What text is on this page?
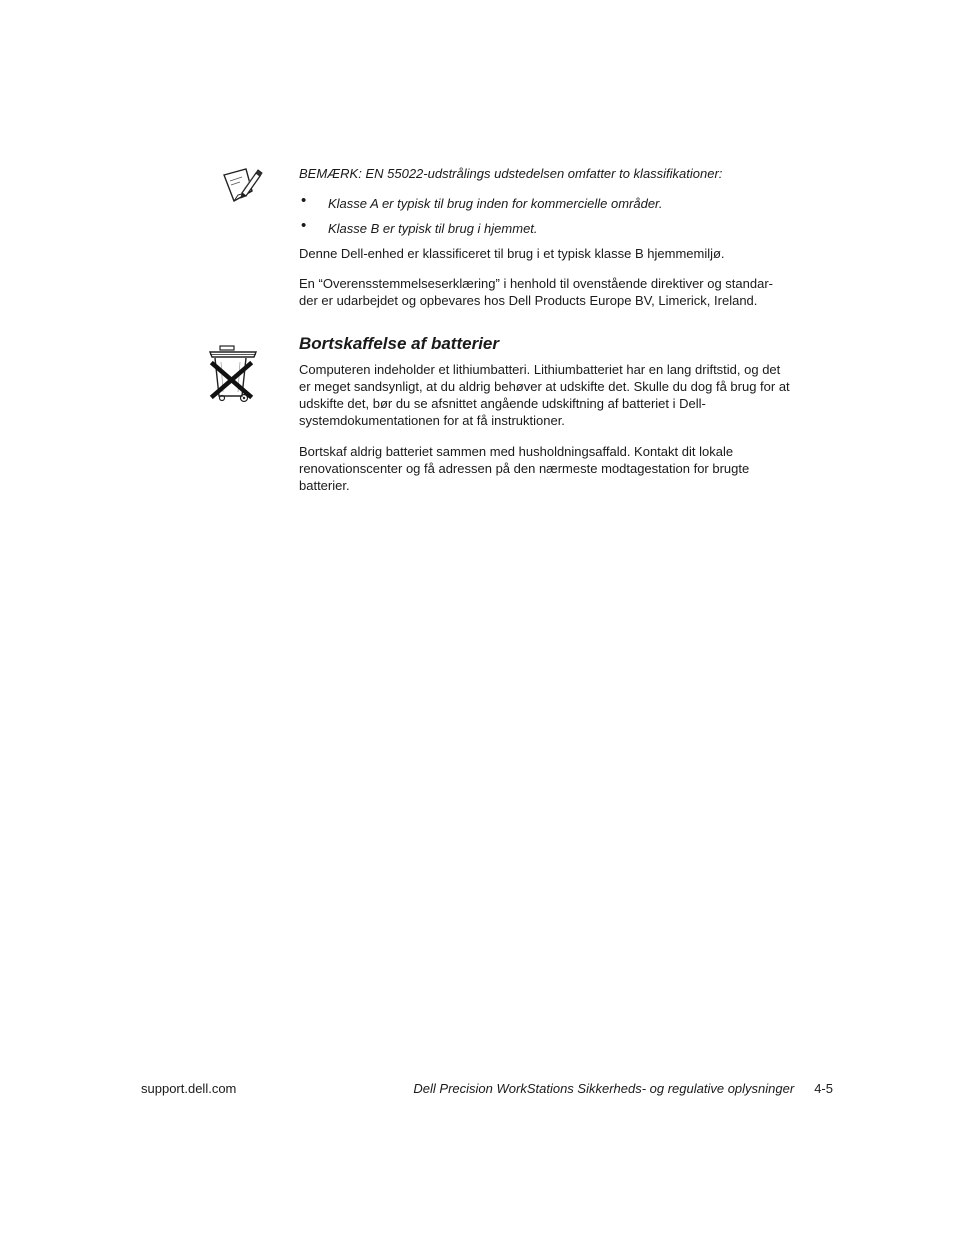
BEMÆRK: EN 55022-udstrålings udstedelsen omfatter to klassifikationer:
• Klasse A er typisk til brug inden for kommercielle områder.
• Klasse B er typisk til brug i hjemmet.
Denne Dell-enhed er klassificeret til brug i et typisk klasse B hjemmemiljø.
En “Overensstemmelseserklæring” i henhold til ovenstående direktiver og standar-
der er udarbejdet og opbevares hos Dell Products Europe BV, Limerick, Ireland.
Bortskaffelse af batterier
Computeren indeholder et lithiumbatteri. Lithiumbatteriet har en lang driftstid, og det
er meget sandsynligt, at du aldrig behøver at udskifte det. Skulle du dog få brug for at
udskifte det, bør du se afsnittet angående udskiftning af batteriet i Dell-
systemdokumentationen for at få instruktioner.
Bortskaf aldrig batteriet sammen med husholdningsaffald. Kontakt dit lokale
renovationscenter og få adressen på den nærmeste modtagestation for brugte
batterier.
support.dell.com	Dell Precision WorkStations Sikkerheds- og regulative oplysninger 4-5
